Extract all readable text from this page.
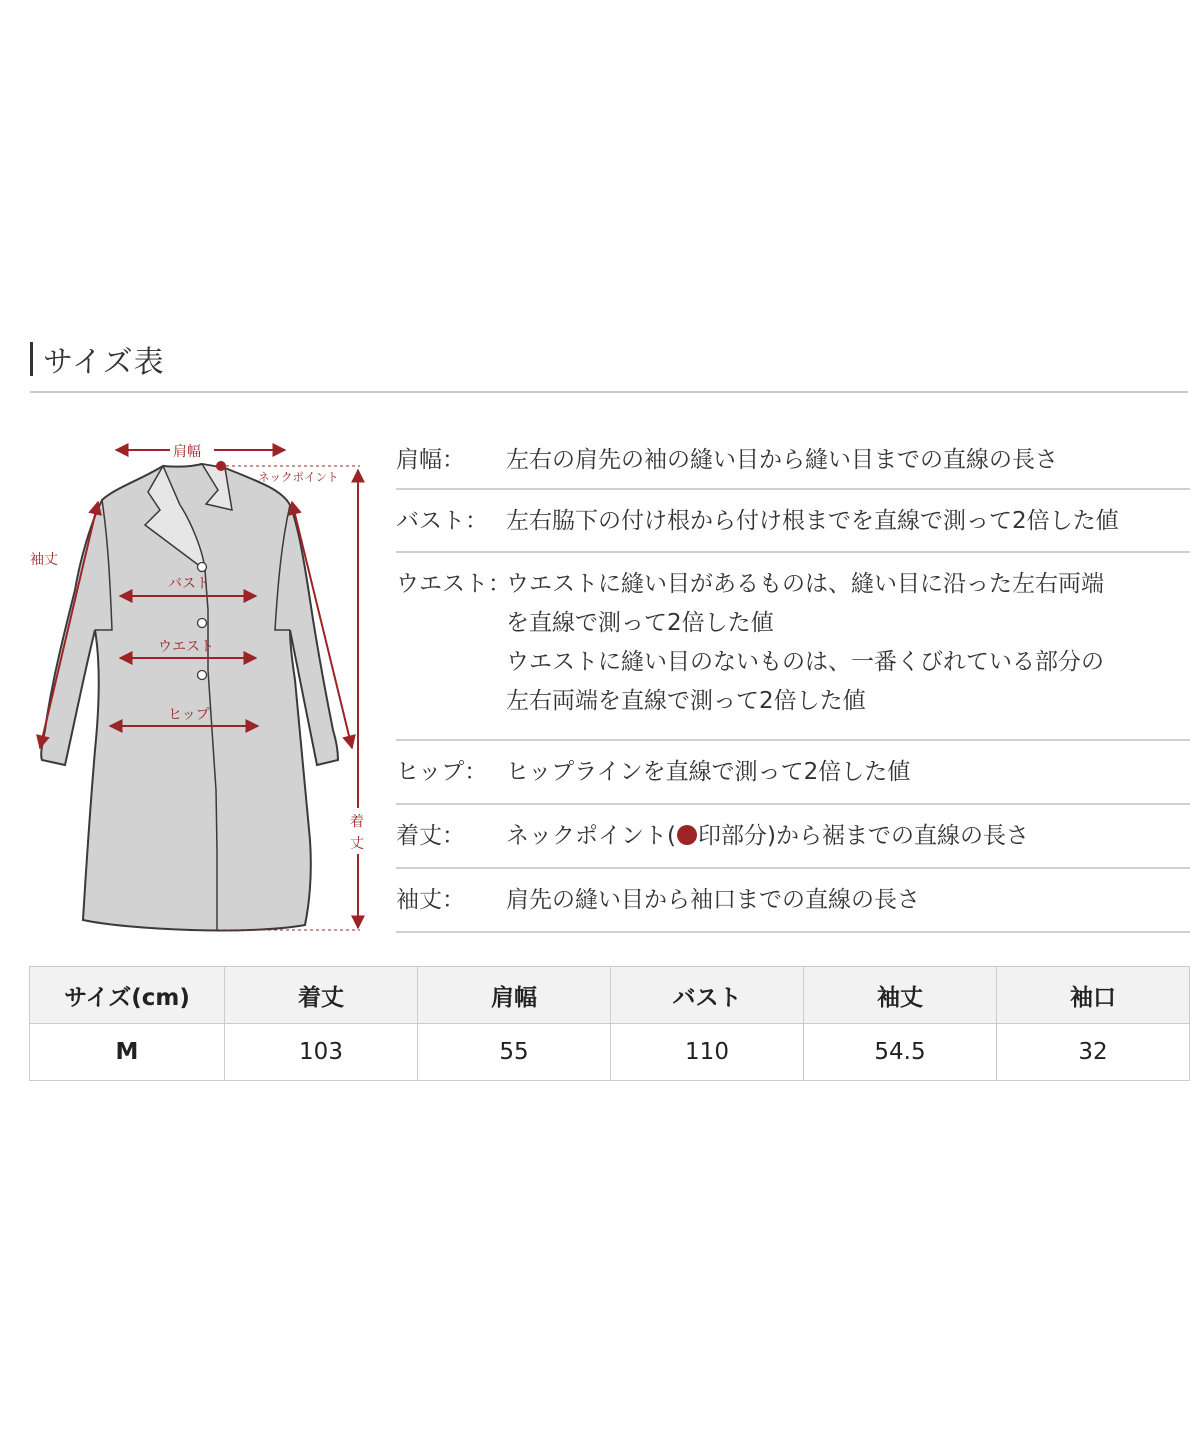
サイズ表
肩幅
ネックポイント
袖丈
バスト
ウエスト
ヒップ
着
丈
肩幅：	左右の肩先の袖の縫い目から縫い目までの直線の長さ
バスト： 左右脇下の付け根から付け根までを直線で測って2倍した値
ウエスト：
ウエストに縫い目があるものは、縫い目に沿った左右両端
を直線で測って2倍した値
ウエストに縫い目のないものは、一番くびれている部分の
左右両端を直線で測って2倍した値
ヒップ： ヒップラインを直線で測って2倍した値
着丈：	ネックポイント( 印部分)から裾までの直線の長さ
袖丈：	肩先の縫い目から袖口までの直線の長さ
サイズ(cm)	着丈	肩幅	バスト	袖丈	袖口
M	103	55	110	54.5	32
